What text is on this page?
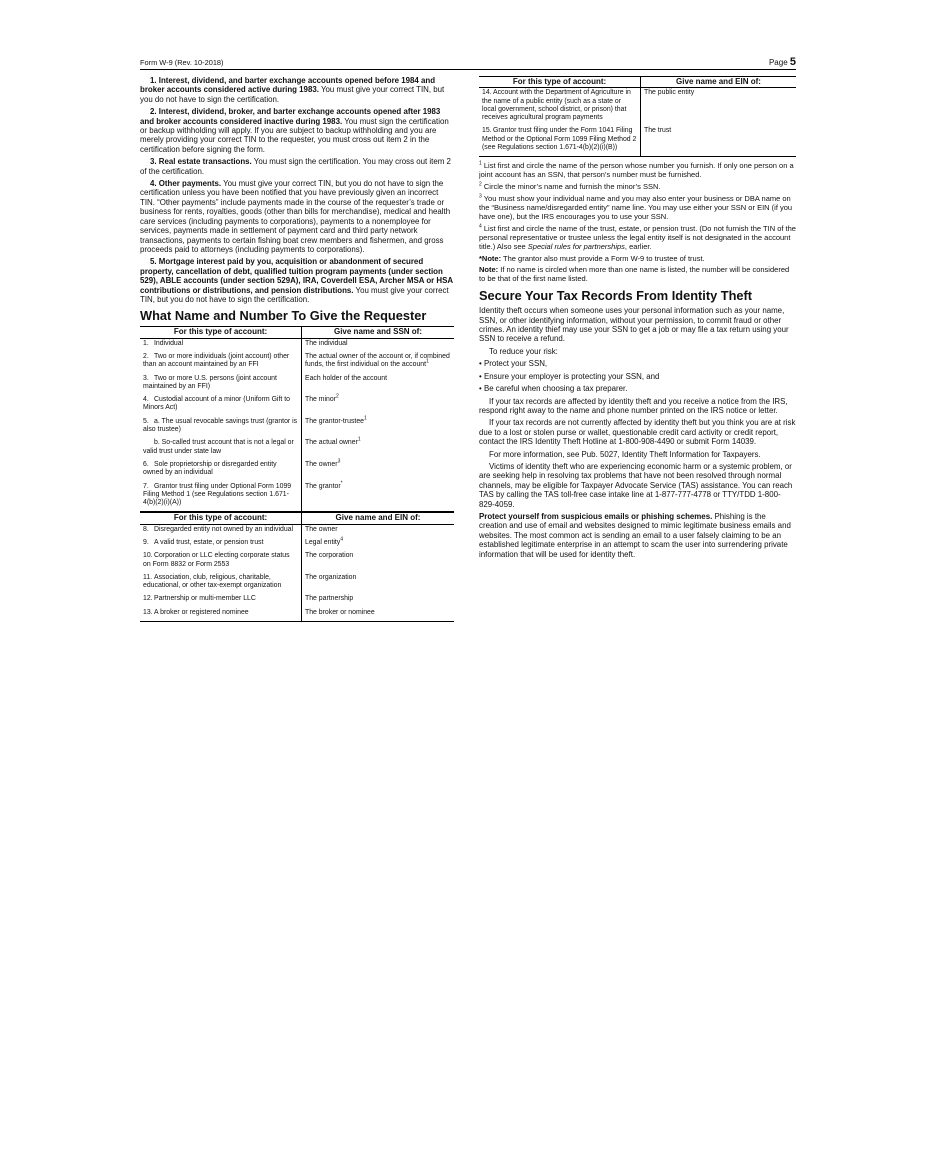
Form W-9 (Rev. 10-2018)	Page 5

1. Interest, dividend, and barter exchange accounts opened before 1984 and broker accounts considered active during 1983. You must give your correct TIN, but you do not have to sign the certification.

2. Interest, dividend, broker, and barter exchange accounts opened after 1983 and broker accounts considered inactive during 1983. You must sign the certification or backup withholding will apply. If you are subject to backup withholding and you are merely providing your correct TIN to the requester, you must cross out item 2 in the certification before signing the form.

3. Real estate transactions. You must sign the certification. You may cross out item 2 of the certification.

4. Other payments. You must give your correct TIN, but you do not have to sign the certification unless you have been notified that you have previously given an incorrect TIN. “Other payments” include payments made in the course of the requester’s trade or business for rents, royalties, goods (other than bills for merchandise), medical and health care services (including payments to corporations), payments to a nonemployee for services, payments made in settlement of payment card and third party network transactions, payments to certain fishing boat crew members and fishermen, and gross proceeds paid to attorneys (including payments to corporations).

5. Mortgage interest paid by you, acquisition or abandonment of secured property, cancellation of debt, qualified tuition program payments (under section 529), ABLE accounts (under section 529A), IRA, Coverdell ESA, Archer MSA or HSA contributions or distributions, and pension distributions. You must give your correct TIN, but you do not have to sign the certification.

What Name and Number To Give the Requester
For this type of account:	Give name and SSN of:

1. Individual	The individual

2. Two or more individuals (joint account) other than an account maintained by an FFI	The actual owner of the account or, if combined funds, the first individual on the account$^1$

3. Two or more U.S. persons (joint account maintained by an FFI)	Each holder of the account

4. Custodial account of a minor (Uniform Gift to Minors Act)	The minor$^2$

5. a. The usual revocable savings trust (grantor is also trustee)	The grantor-trustee$^1$

b. So-called trust account that is not a legal or valid trust under state law	The actual owner$^1$

6. Sole proprietorship or disregarded entity owned by an individual	The owner$^3$

7. Grantor trust filing under Optional Form 1099 Filing Method 1 (see Regulations section 1.671-4(b)(2)(i)(A))	The grantor*
For this type of account:	Give name and EIN of:

8. Disregarded entity not owned by an individual	The owner

9. A valid trust, estate, or pension trust	Legal entity$^4$

10.Corporation or LLC electing corporate status on Form 8832 or Form 2553	The corporation

11. Association, club, religious, charitable, educational, or other tax-exempt organization	The organization

12.Partnership or multi-member LLC	The partnership

13.A broker or registered nominee	The broker or nominee
For this type of account:	Give name and EIN of:

14.Account with the Department of Agriculture in the name of a public entity (such as a state or local government, school district, or prison) that receives agricultural program payments	The public entity

15.Grantor trust filing under the Form 1041 Filing Method or the Optional Form 1099 Filing Method 2 (see Regulations section 1.671-4(b)(2)(i)(B))	The trust

$^1$ List first and circle the name of the person whose number you furnish. If only one person on a joint account has an SSN, that person’s number must be furnished.

$^2$ Circle the minor’s name and furnish the minor’s SSN.

$^3$ You must show your individual name and you may also enter your business or DBA name on the “Business name/disregarded entity” name line. You may use either your SSN or EIN (if you have one), but the IRS encourages you to use your SSN.

$^4$ List first and circle the name of the trust, estate, or pension trust. (Do not furnish the TIN of the personal representative or trustee unless the legal entity itself is not designated in the account title.) Also see Special rules for partnerships, earlier.

*Note: The grantor also must provide a Form W-9 to trustee of trust.

Note: If no name is circled when more than one name is listed, the number will be considered to be that of the first name listed.

Secure Your Tax Records From Identity Theft

Identity theft occurs when someone uses your personal information such as your name, SSN, or other identifying information, without your permission, to commit fraud or other crimes. An identity thief may use your SSN to get a job or may file a tax return using your SSN to receive a refund.

To reduce your risk:

• Protect your SSN,

• Ensure your employer is protecting your SSN, and

• Be careful when choosing a tax preparer.

If your tax records are affected by identity theft and you receive a notice from the IRS, respond right away to the name and phone number printed on the IRS notice or letter.

If your tax records are not currently affected by identity theft but you think you are at risk due to a lost or stolen purse or wallet, questionable credit card activity or credit report, contact the IRS Identity Theft Hotline at 1-800-908-4490 or submit Form 14039.

For more information, see Pub. 5027, Identity Theft Information for Taxpayers.

Victims of identity theft who are experiencing economic harm or a systemic problem, or are seeking help in resolving tax problems that have not been resolved through normal channels, may be eligible for Taxpayer Advocate Service (TAS) assistance. You can reach TAS by calling the TAS toll-free case intake line at 1-877-777-4778 or TTY/TDD 1-800-829-4059.

Protect yourself from suspicious emails or phishing schemes. Phishing is the creation and use of email and websites designed to mimic legitimate business emails and websites. The most common act is sending an email to a user falsely claiming to be an established legitimate enterprise in an attempt to scam the user into surrendering private information that will be used for identity theft.
